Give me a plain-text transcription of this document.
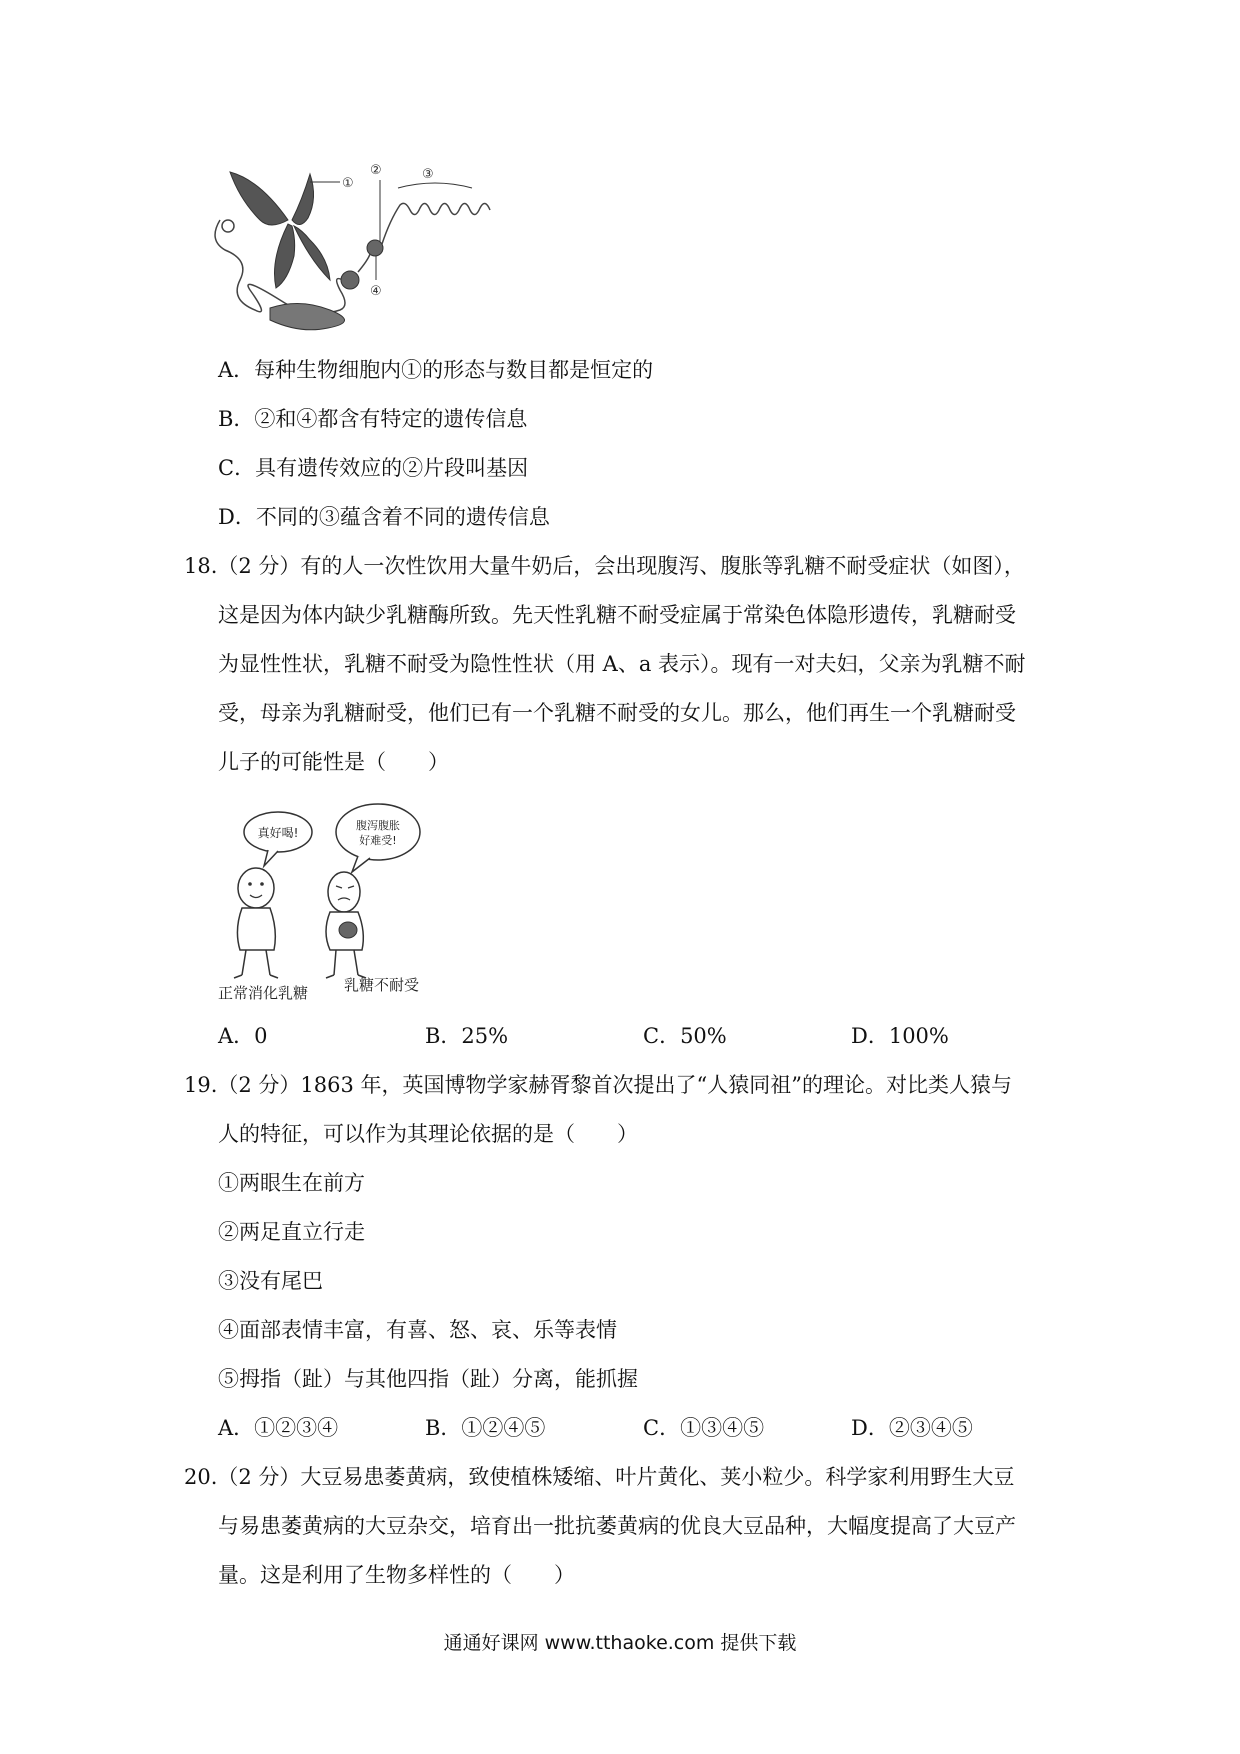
①
②	③
④
A．每种生物细胞内①的形态与数目都是恒定的
B．②和④都含有特定的遗传信息
C．具有遗传效应的②片段叫基因
D．不同的③蕴含着不同的遗传信息
18.（2 分）有的人一次性饮用大量牛奶后，会出现腹泻、腹胀等乳糖不耐受症状（如图），
这是因为体内缺少乳糖酶所致。先天性乳糖不耐受症属于常染色体隐形遗传，乳糖耐受
为显性性状，乳糖不耐受为隐性性状（用 A、a 表示）。现有一对夫妇，父亲为乳糖不耐
受，母亲为乳糖耐受，他们已有一个乳糖不耐受的女儿。那么，他们再生一个乳糖耐受
儿子的可能性是（　　）
真好喝!
腹泻腹胀
好难受!
正常消化乳糖 乳糖不耐受
A．0	B．25%	C．50%	D．100%
19.（2 分）1863 年，英国博物学家赫胥黎首次提出了“人猿同祖”的理论。对比类人猿与
人的特征，可以作为其理论依据的是（　　）
①两眼生在前方
②两足直立行走
③没有尾巴
④面部表情丰富，有喜、怒、哀、乐等表情
⑤拇指（趾）与其他四指（趾）分离，能抓握
A．①②③④	B．①②④⑤	C．①③④⑤	D．②③④⑤
20.（2 分）大豆易患萎黄病，致使植株矮缩、叶片黄化、荚小粒少。科学家利用野生大豆
与易患萎黄病的大豆杂交，培育出一批抗萎黄病的优良大豆品种，大幅度提高了大豆产
量。这是利用了生物多样性的（　　）
通通好课网 www.tthaoke.com 提供下载
